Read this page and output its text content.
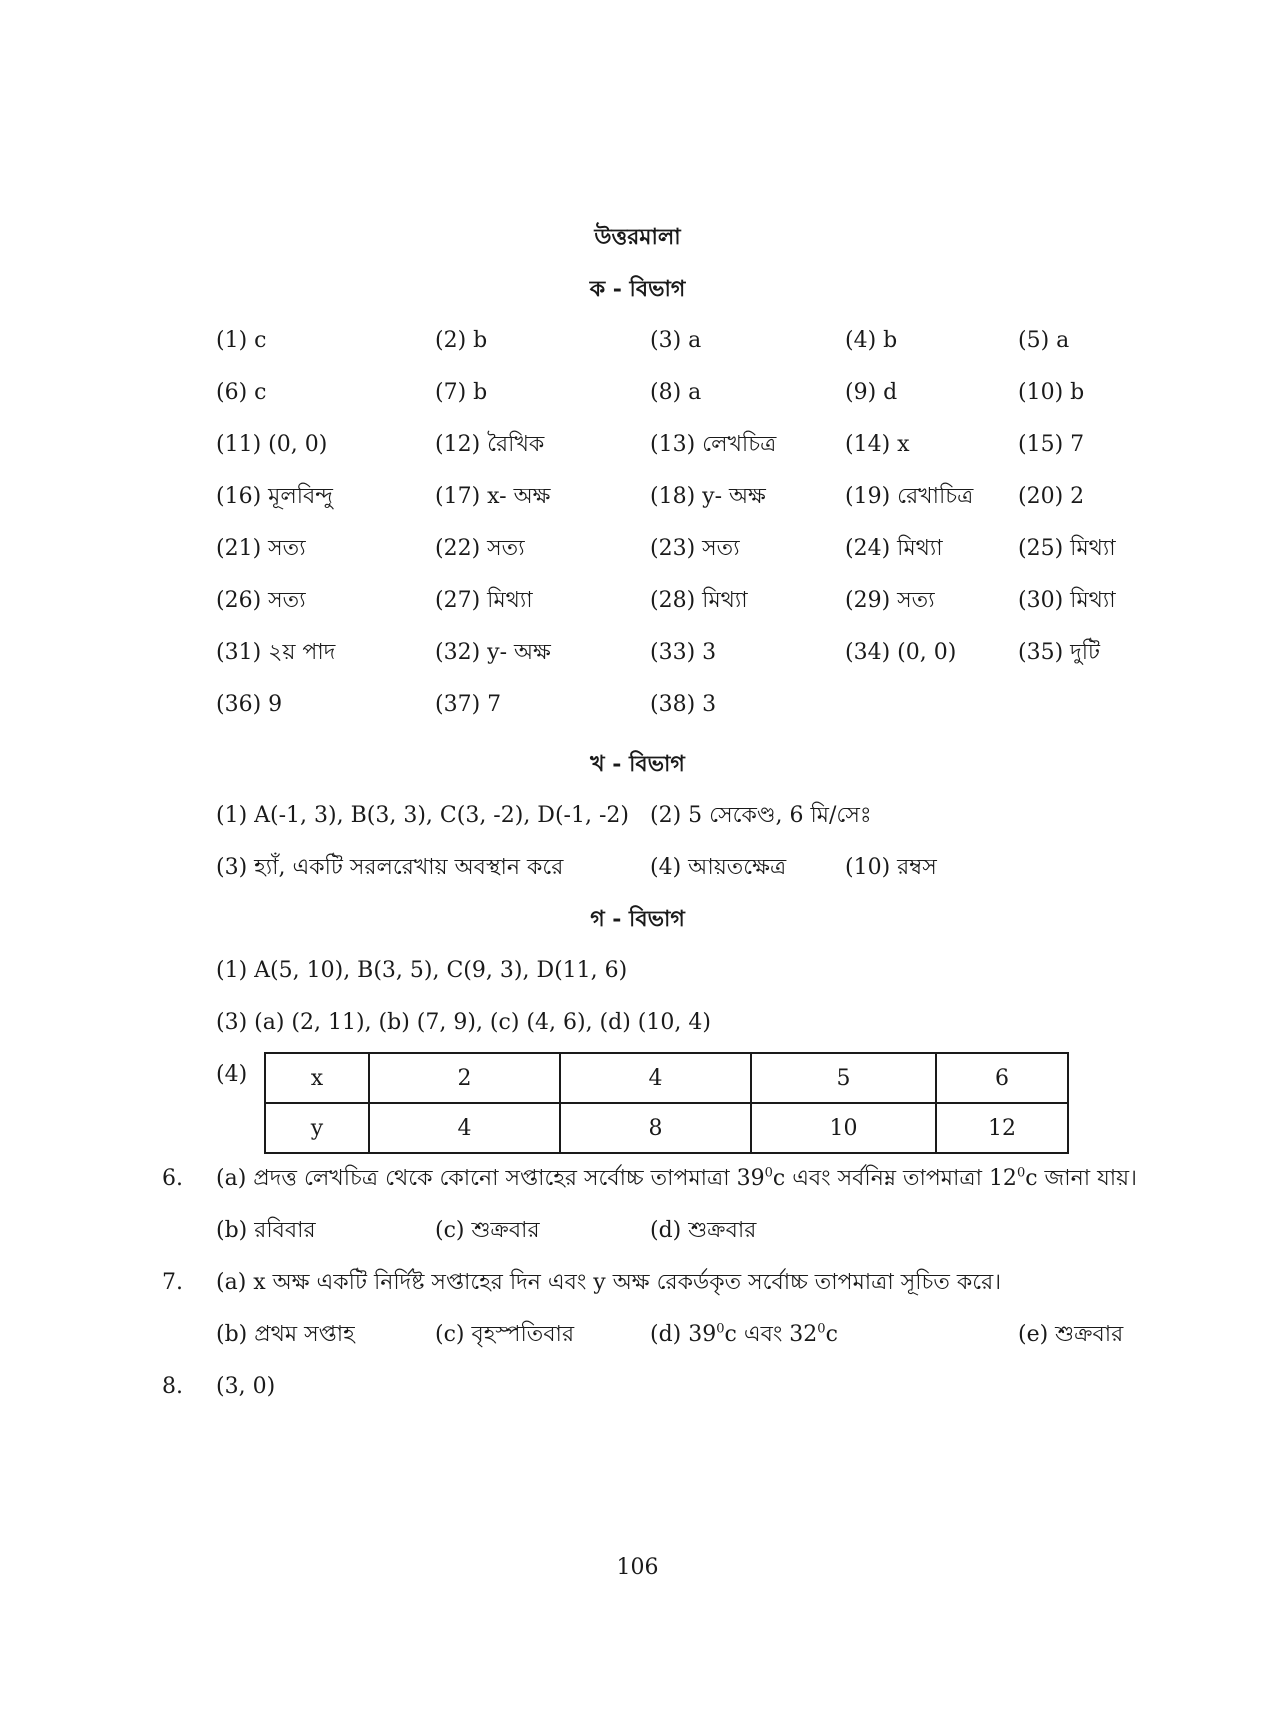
উত্তরমালা
ক - বিভাগ
(1) c	(2) b	(3) a	(4) b	(5) a
(6) c	(7) b	(8) a	(9) d	(10) b
(11) (0, 0)	(12) রৈখিক	(13) লেখচিত্র	(14) x	(15) 7
(16) মূলবিন্দু	(17) x- অক্ষ	(18) y- অক্ষ	(19) রেখাচিত্র (20) 2
(21) সত্য	(22) সত্য	(23) সত্য	(24) মিথ্যা	(25) মিথ্যা
(26) সত্য	(27) মিথ্যা	(28) মিথ্যা	(29) সত্য	(30) মিথ্যা
(31) ২য় পাদ	(32) y- অক্ষ	(33) 3	(34) (0, 0)	(35) দুটি
(36) 9	(37) 7	(38) 3
খ - বিভাগ
(1) A(-1, 3), B(3, 3), C(3, -2), D(-1, -2) (2) 5 সেকেণ্ড, 6 মি/সেঃ
(3) হ্যাঁ, একটি সরলরেখায় অবস্থান করে	(4) আয়তক্ষেত্র	(10) রম্বস
গ - বিভাগ
(1) A(5, 10), B(3, 5), C(9, 3), D(11, 6)
(3) (a) (2, 11), (b) (7, 9), (c) (4, 6), (d) (10, 4)
(4)	x	2	4	5	6
y	4	8	10	12
6. (a) প্রদত্ত লেখচিত্র থেকে কোনো সপ্তাহের সর্বোচ্চ তাপমাত্রা $39^0c$ এবং সর্বনিম্ন তাপমাত্রা $12^0c$ জানা যায়।
(b) রবিবার	(c) শুক্রবার	(d) শুক্রবার
7. (a) x অক্ষ একটি নির্দিষ্ট সপ্তাহের দিন এবং y অক্ষ রেকর্ডকৃত সর্বোচ্চ তাপমাত্রা সূচিত করে।
(b) প্রথম সপ্তাহ	(c) বৃহস্পতিবার	(d) $39^0c$ এবং $32^0c$	(e) শুক্রবার
8. (3, 0)
106
